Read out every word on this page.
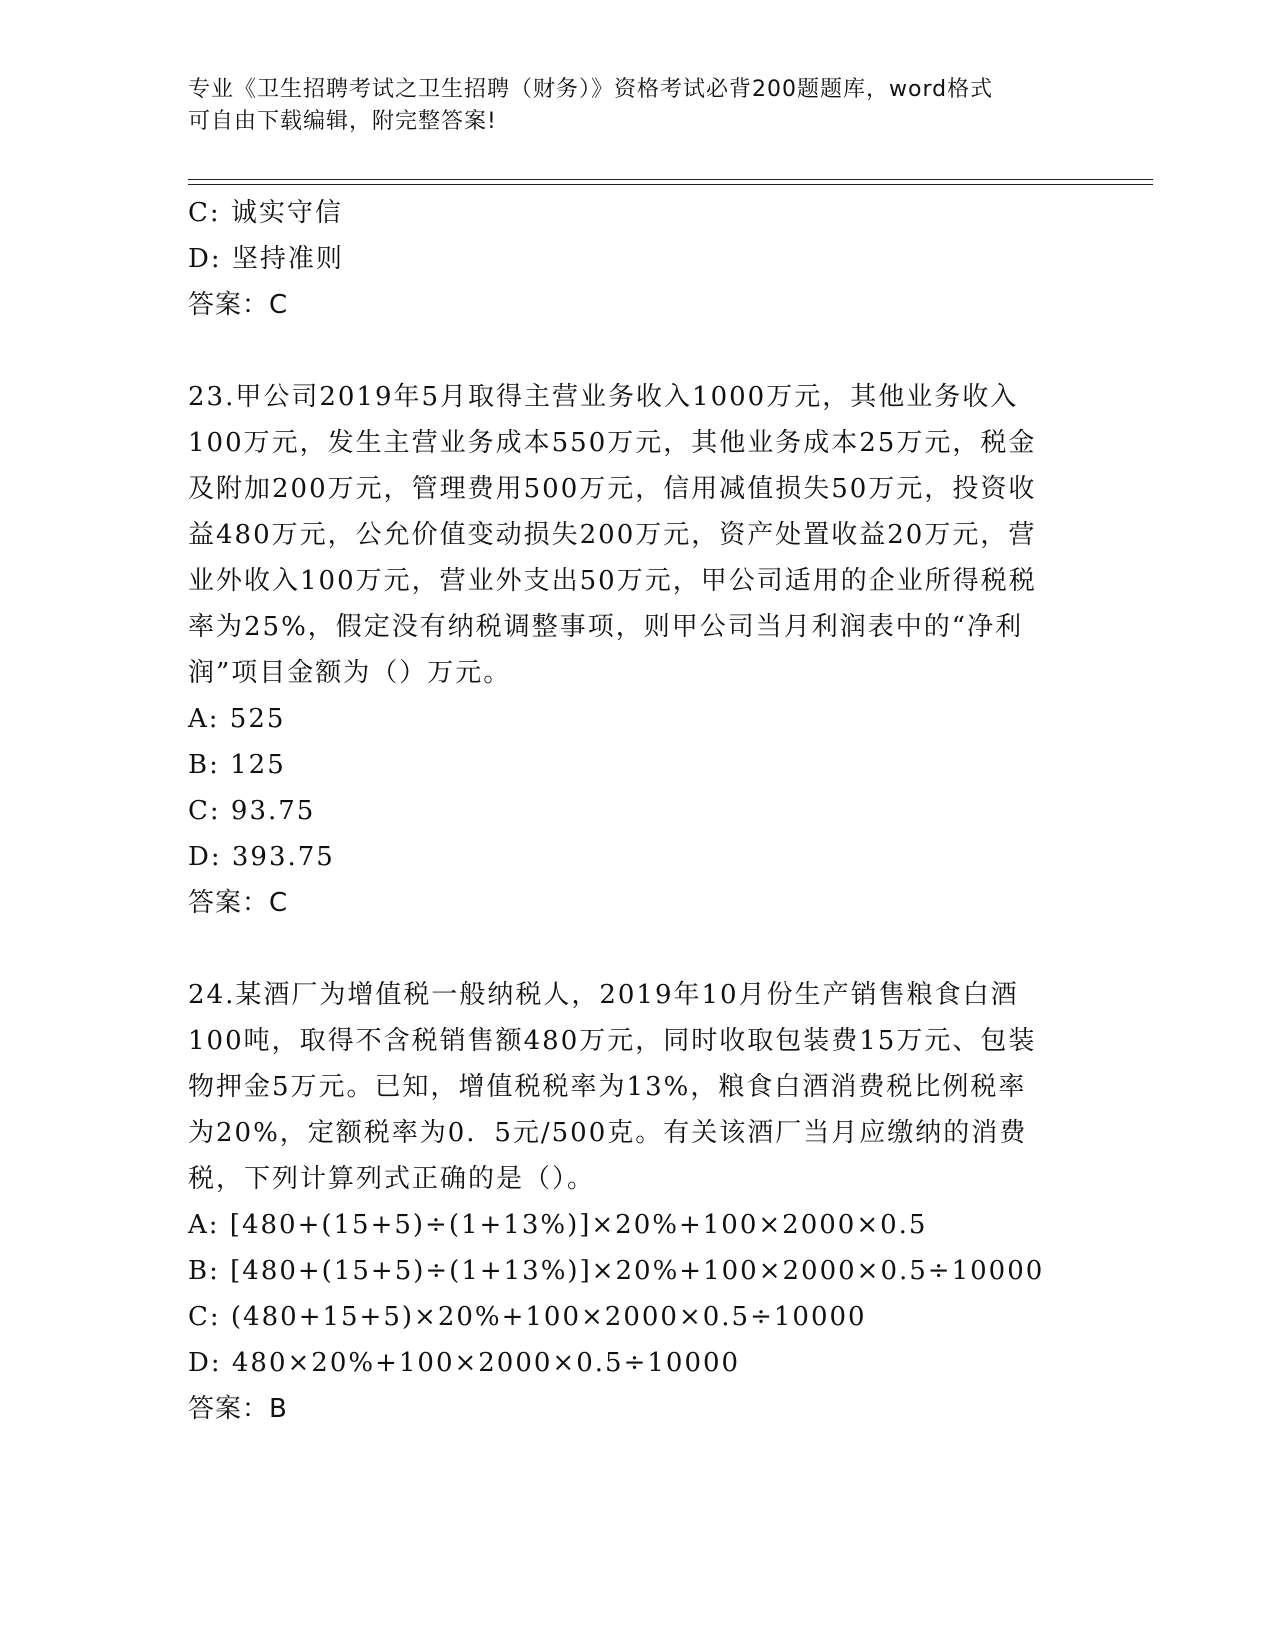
专业《卫生招聘考试之卫生招聘（财务）》资格考试必背200题题库，word格式
可自由下载编辑，附完整答案!
C: 诚实守信
D: 坚持准则
答案：C
23.甲公司2019年5月取得主营业务收入1000万元，其他业务收入
100万元，发生主营业务成本550万元，其他业务成本25万元，税金
及附加200万元，管理费用500万元，信用减值损失50万元，投资收
益480万元，公允价值变动损失200万元，资产处置收益20万元，营
业外收入100万元，营业外支出50万元，甲公司适用的企业所得税税
率为25%，假定没有纳税调整事项，则甲公司当月利润表中的“净利
润”项目金额为（）万元。
A: 525
B: 125
C: 93.75
D: 393.75
答案：C
24.某酒厂为增值税一般纳税人，2019年10月份生产销售粮食白酒
100吨，取得不含税销售额480万元，同时收取包装费15万元、包装
物押金5万元。已知，增值税税率为13%，粮食白酒消费税比例税率
为20%，定额税率为0．5元/500克。有关该酒厂当月应缴纳的消费
税，下列计算列式正确的是（）。
A: [480+(15+5)÷(1+13%)]×20%+100×2000×0.5
B: [480+(15+5)÷(1+13%)]×20%+100×2000×0.5÷10000
C: (480+15+5)×20%+100×2000×0.5÷10000
D: 480×20%+100×2000×0.5÷10000
答案：B
